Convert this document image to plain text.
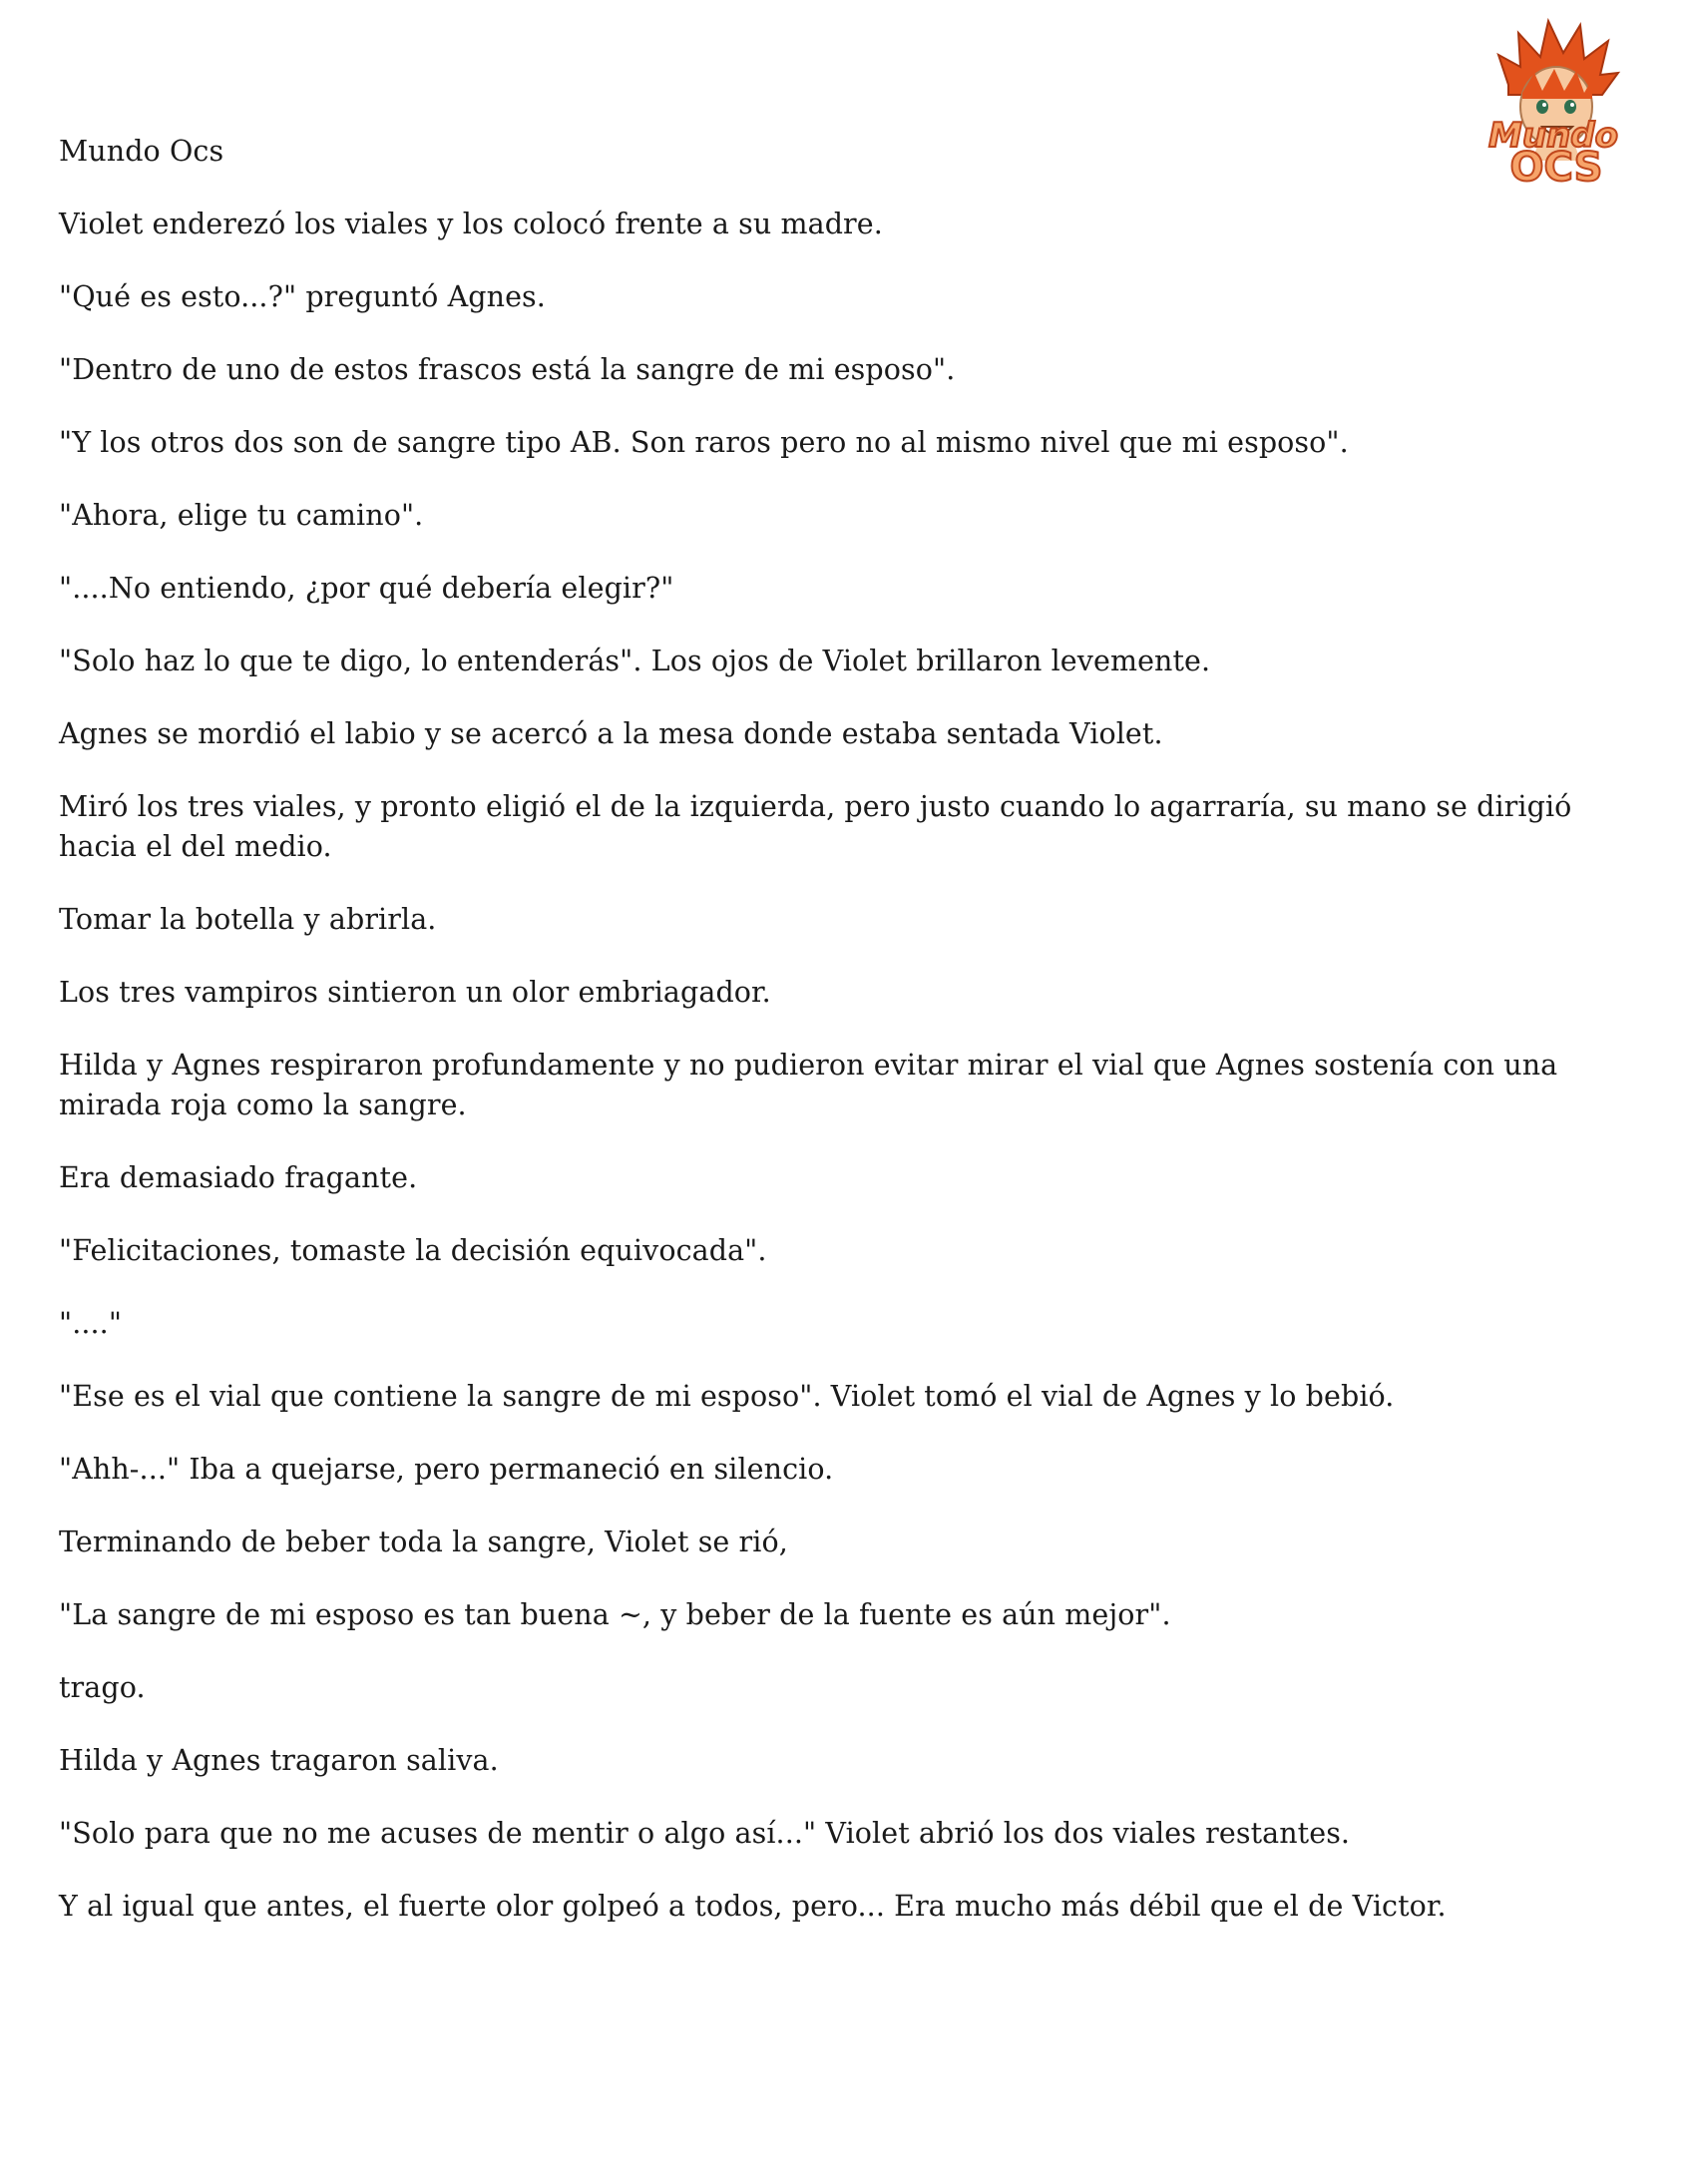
Mundo
OCS

Mundo Ocs

Violet enderezó los viales y los colocó frente a su madre.

"Qué es esto...?" preguntó Agnes.

"Dentro de uno de estos frascos está la sangre de mi esposo".

"Y los otros dos son de sangre tipo AB. Son raros pero no al mismo nivel que mi esposo".

"Ahora, elige tu camino".

"....No entiendo, ¿por qué debería elegir?"

"Solo haz lo que te digo, lo entenderás". Los ojos de Violet brillaron levemente.

Agnes se mordió el labio y se acercó a la mesa donde estaba sentada Violet.

Miró los tres viales, y pronto eligió el de la izquierda, pero justo cuando lo agarraría, su mano se dirigió hacia el del medio.

Tomar la botella y abrirla.

Los tres vampiros sintieron un olor embriagador.

Hilda y Agnes respiraron profundamente y no pudieron evitar mirar el vial que Agnes sostenía con una mirada roja como la sangre.

Era demasiado fragante.

"Felicitaciones, tomaste la decisión equivocada".

"...."

"Ese es el vial que contiene la sangre de mi esposo". Violet tomó el vial de Agnes y lo bebió.

"Ahh-..." Iba a quejarse, pero permaneció en silencio.

Terminando de beber toda la sangre, Violet se rió,

"La sangre de mi esposo es tan buena ~, y beber de la fuente es aún mejor".

trago.

Hilda y Agnes tragaron saliva.

"Solo para que no me acuses de mentir o algo así..." Violet abrió los dos viales restantes.

Y al igual que antes, el fuerte olor golpeó a todos, pero... Era mucho más débil que el de Victor.
